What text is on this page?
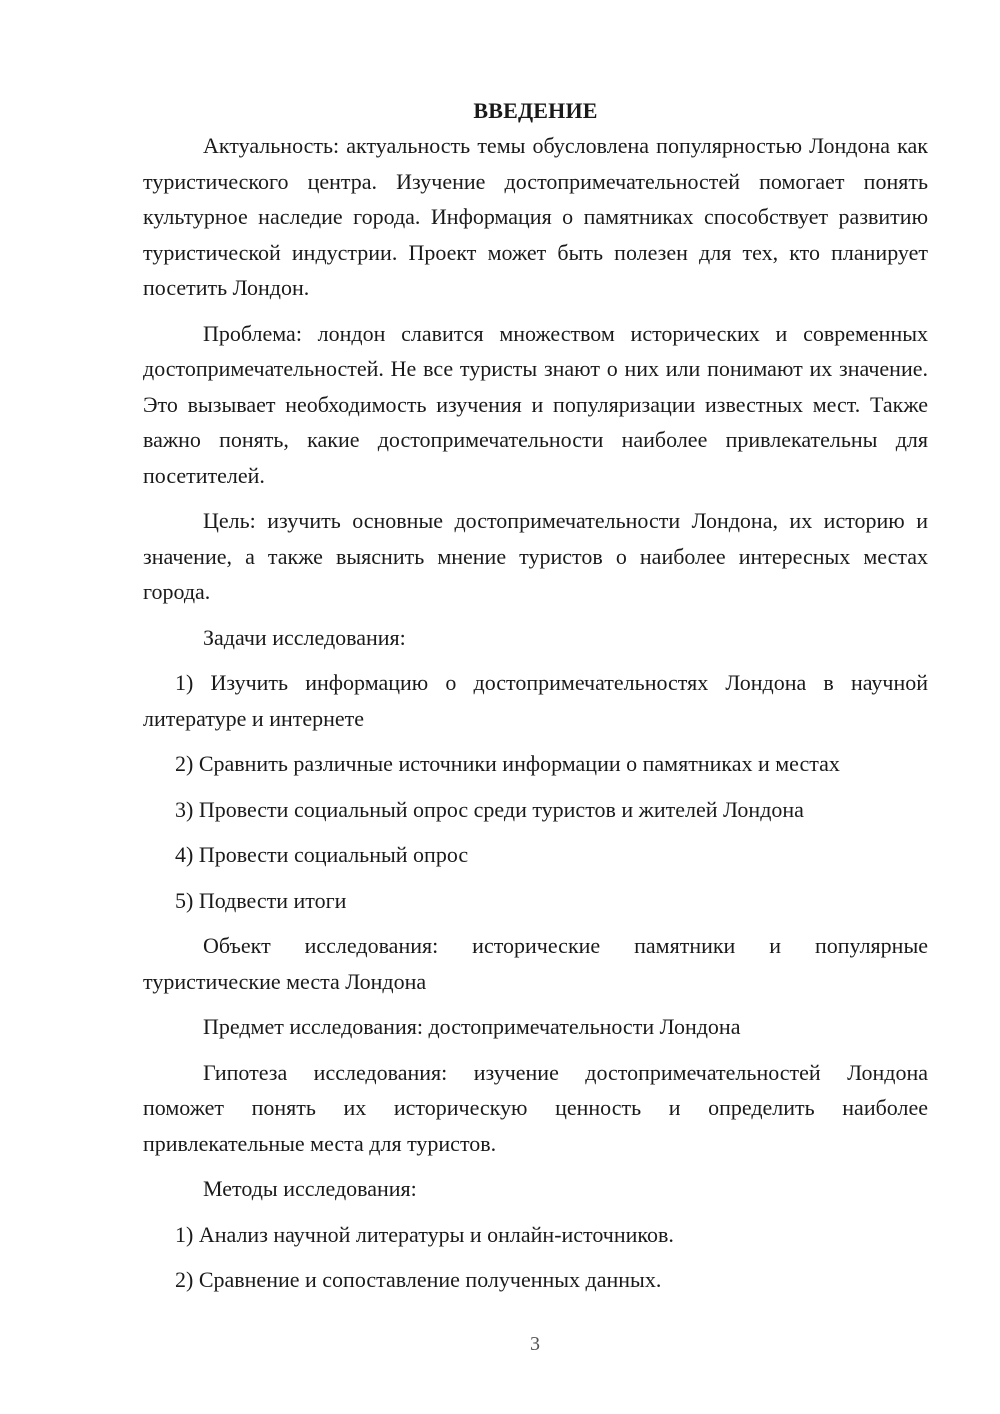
ВВЕДЕНИЕ

Актуальность: актуальность темы обусловлена популярностью Лондона как туристического центра. Изучение достопримечательностей помогает понять культурное наследие города. Информация о памятниках способствует развитию туристической индустрии. Проект может быть полезен для тех, кто планирует посетить Лондон.

Проблема: лондон славится множеством исторических и современных достопримечательностей. Не все туристы знают о них или понимают их значение. Это вызывает необходимость изучения и популяризации известных мест. Также важно понять, какие достопримечательности наиболее привлекательны для посетителей.

Цель: изучить основные достопримечательности Лондона, их историю и значение, а также выяснить мнение туристов о наиболее интересных местах города.

Задачи исследования:

1) Изучить информацию о достопримечательностях Лондона в научной литературе и интернете

2) Сравнить различные источники информации о памятниках и местах

3) Провести социальный опрос среди туристов и жителей Лондона

4) Провести социальный опрос

5) Подвести итоги

Объект исследования: исторические памятники и популярные туристические места Лондона

Предмет исследования: достопримечательности Лондона

Гипотеза исследования: изучение достопримечательностей Лондона поможет понять их историческую ценность и определить наиболее привлекательные места для туристов.

Методы исследования:

1) Анализ научной литературы и онлайн-источников.

2) Сравнение и сопоставление полученных данных.

3
